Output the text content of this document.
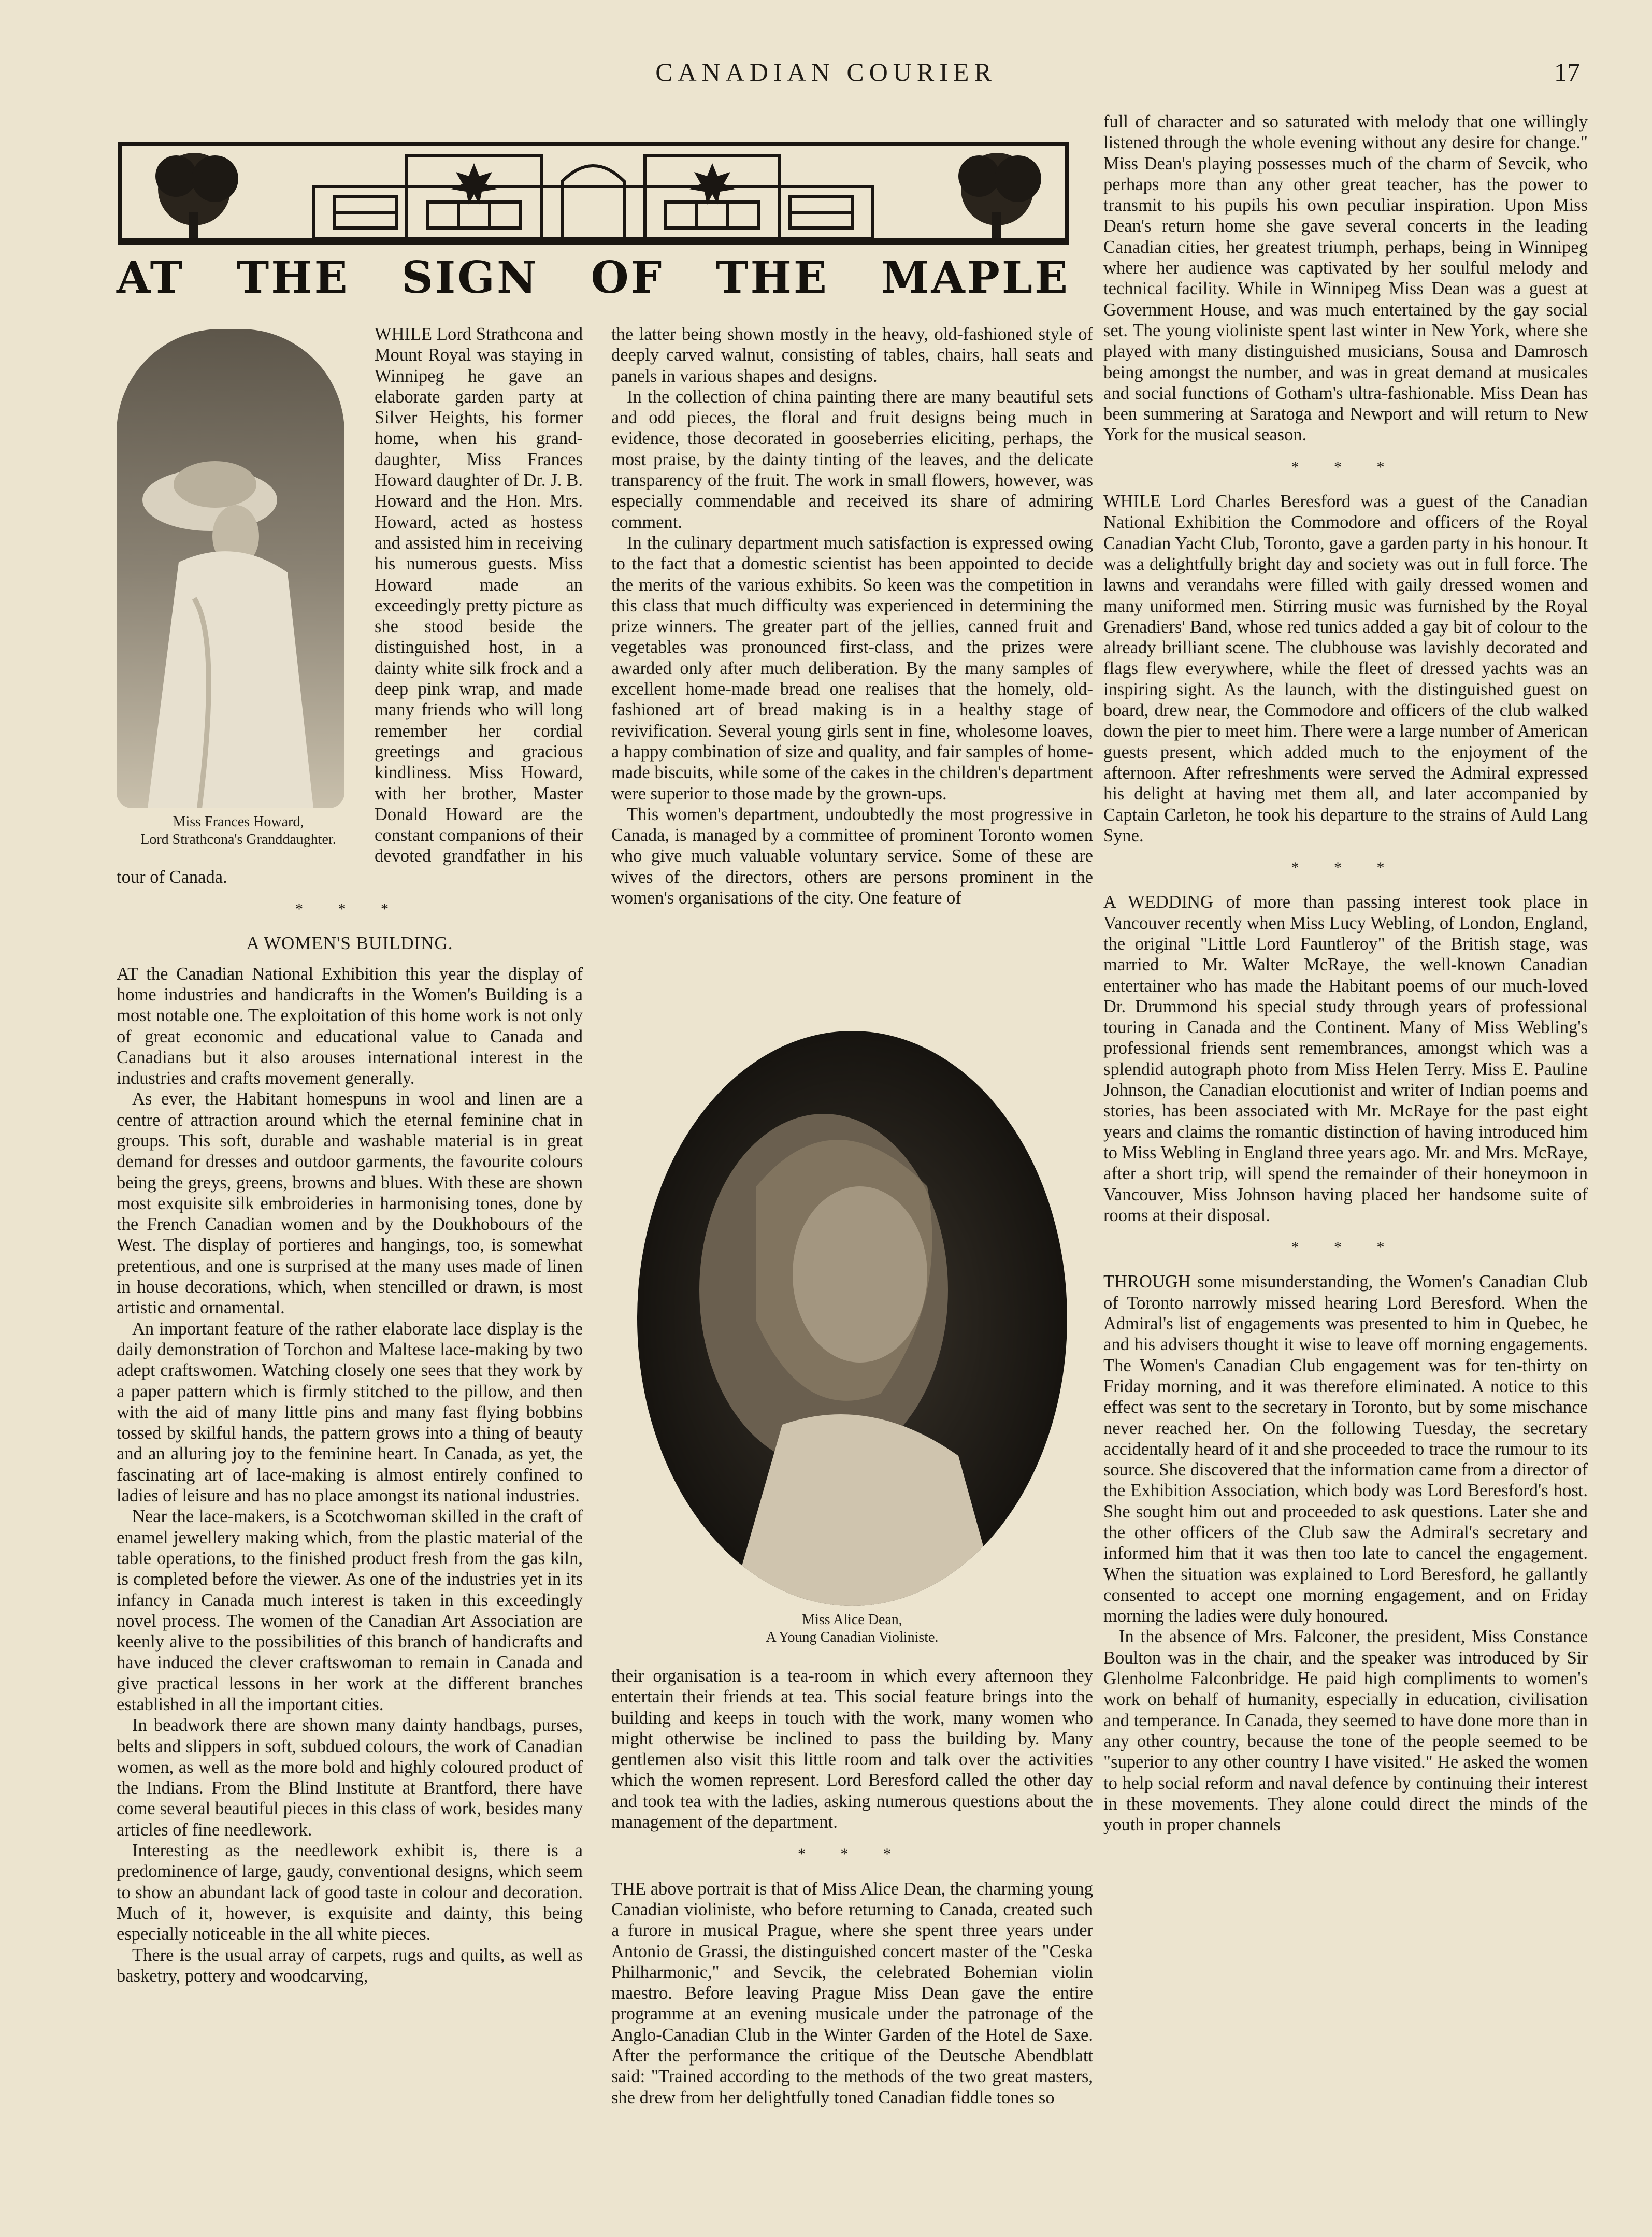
CANADIAN COURIER	17
AT THE SIGN OF THE MAPLE
Miss Frances Howard,
Lord Strathcona's Granddaughter.

WHILE Lord Strathcona and Mount Royal was staying in Winnipeg he gave an elaborate garden party at Silver Heights, his former home, when his grand-daughter, Miss Frances Howard daughter of Dr. J. B. Howard and the Hon. Mrs. Howard, acted as hostess and assisted him in receiving his numerous guests. Miss Howard made an exceedingly pretty picture as she stood beside the distinguished host, in a dainty white silk frock and a deep pink wrap, and made many friends who will long remember her cordial greetings and gracious kindliness. Miss Howard, with her brother, Master Donald Howard are the constant companions of their devoted grandfather in his tour of Canada.

* * *
A WOMEN'S BUILDING.

AT the Canadian National Exhibition this year the display of home industries and handicrafts in the Women's Building is a most notable one. The exploitation of this home work is not only of great economic and educational value to Canada and Canadians but it also arouses international interest in the industries and crafts movement generally.

As ever, the Habitant homespuns in wool and linen are a centre of attraction around which the eternal feminine chat in groups. This soft, durable and washable material is in great demand for dresses and outdoor garments, the favourite colours being the greys, greens, browns and blues. With these are shown most exquisite silk embroideries in harmonising tones, done by the French Canadian women and by the Doukhobours of the West. The display of portieres and hangings, too, is somewhat pretentious, and one is surprised at the many uses made of linen in house decorations, which, when stencilled or drawn, is most artistic and ornamental.

An important feature of the rather elaborate lace display is the daily demonstration of Torchon and Maltese lace-making by two adept craftswomen. Watching closely one sees that they work by a paper pattern which is firmly stitched to the pillow, and then with the aid of many little pins and many fast flying bobbins tossed by skilful hands, the pattern grows into a thing of beauty and an alluring joy to the feminine heart. In Canada, as yet, the fascinating art of lace-making is almost entirely confined to ladies of leisure and has no place amongst its national industries.

Near the lace-makers, is a Scotchwoman skilled in the craft of enamel jewellery making which, from the plastic material of the table operations, to the finished product fresh from the gas kiln, is completed before the viewer. As one of the industries yet in its infancy in Canada much interest is taken in this exceedingly novel process. The women of the Canadian Art Association are keenly alive to the possibilities of this branch of handicrafts and have induced the clever craftswoman to remain in Canada and give practical lessons in her work at the different branches established in all the important cities.

In beadwork there are shown many dainty handbags, purses, belts and slippers in soft, subdued colours, the work of Canadian women, as well as the more bold and highly coloured product of the Indians. From the Blind Institute at Brantford, there have come several beautiful pieces in this class of work, besides many articles of fine needlework.

Interesting as the needlework exhibit is, there is a predominence of large, gaudy, conventional designs, which seem to show an abundant lack of good taste in colour and decoration. Much of it, however, is exquisite and dainty, this being especially noticeable in the all white pieces.

There is the usual array of carpets, rugs and quilts, as well as basketry, pottery and woodcarving,

the latter being shown mostly in the heavy, old-fashioned style of deeply carved walnut, consisting of tables, chairs, hall seats and panels in various shapes and designs.

In the collection of china painting there are many beautiful sets and odd pieces, the floral and fruit designs being much in evidence, those decorated in gooseberries eliciting, perhaps, the most praise, by the dainty tinting of the leaves, and the delicate transparency of the fruit. The work in small flowers, however, was especially commendable and received its share of admiring comment.

In the culinary department much satisfaction is expressed owing to the fact that a domestic scientist has been appointed to decide the merits of the various exhibits. So keen was the competition in this class that much difficulty was experienced in determining the prize winners. The greater part of the jellies, canned fruit and vegetables was pronounced first-class, and the prizes were awarded only after much deliberation. By the many samples of excellent home-made bread one realises that the homely, old-fashioned art of bread making is in a healthy stage of revivification. Several young girls sent in fine, wholesome loaves, a happy combination of size and quality, and fair samples of home-made biscuits, while some of the cakes in the children's department were superior to those made by the grown-ups.

This women's department, undoubtedly the most progressive in Canada, is managed by a committee of prominent Toronto women who give much valuable voluntary service. Some of these are wives of the directors, others are persons prominent in the women's organisations of the city. One feature of

Miss Alice Dean,
A Young Canadian Violiniste.

their organisation is a tea-room in which every afternoon they entertain their friends at tea. This social feature brings into the building and keeps in touch with the work, many women who might otherwise be inclined to pass the building by. Many gentlemen also visit this little room and talk over the activities which the women represent. Lord Beresford called the other day and took tea with the ladies, asking numerous questions about the management of the department.

* * *

THE above portrait is that of Miss Alice Dean, the charming young Canadian violiniste, who before returning to Canada, created such a furore in musical Prague, where she spent three years under Antonio de Grassi, the distinguished concert master of the "Ceska Philharmonic," and Sevcik, the celebrated Bohemian violin maestro. Before leaving Prague Miss Dean gave the entire programme at an evening musicale under the patronage of the Anglo-Canadian Club in the Winter Garden of the Hotel de Saxe. After the performance the critique of the Deutsche Abendblatt said: "Trained according to the methods of the two great masters, she drew from her delightfully toned Canadian fiddle tones so

full of character and so saturated with melody that one willingly listened through the whole evening without any desire for change." Miss Dean's playing possesses much of the charm of Sevcik, who perhaps more than any other great teacher, has the power to transmit to his pupils his own peculiar inspiration. Upon Miss Dean's return home she gave several concerts in the leading Canadian cities, her greatest triumph, perhaps, being in Winnipeg where her audience was captivated by her soulful melody and technical facility. While in Winnipeg Miss Dean was a guest at Government House, and was much entertained by the gay social set. The young violiniste spent last winter in New York, where she played with many distinguished musicians, Sousa and Damrosch being amongst the number, and was in great demand at musicales and social functions of Gotham's ultra-fashionable. Miss Dean has been summering at Saratoga and Newport and will return to New York for the musical season.

* * *

WHILE Lord Charles Beresford was a guest of the Canadian National Exhibition the Commodore and officers of the Royal Canadian Yacht Club, Toronto, gave a garden party in his honour. It was a delightfully bright day and society was out in full force. The lawns and verandahs were filled with gaily dressed women and many uniformed men. Stirring music was furnished by the Royal Grenadiers' Band, whose red tunics added a gay bit of colour to the already brilliant scene. The clubhouse was lavishly decorated and flags flew everywhere, while the fleet of dressed yachts was an inspiring sight. As the launch, with the distinguished guest on board, drew near, the Commodore and officers of the club walked down the pier to meet him. There were a large number of American guests present, which added much to the enjoyment of the afternoon. After refreshments were served the Admiral expressed his delight at having met them all, and later accompanied by Captain Carleton, he took his departure to the strains of Auld Lang Syne.

* * *

A WEDDING of more than passing interest took place in Vancouver recently when Miss Lucy Webling, of London, England, the original "Little Lord Fauntleroy" of the British stage, was married to Mr. Walter McRaye, the well-known Canadian entertainer who has made the Habitant poems of our much-loved Dr. Drummond his special study through years of professional touring in Canada and the Continent. Many of Miss Webling's professional friends sent remembrances, amongst which was a splendid autograph photo from Miss Helen Terry. Miss E. Pauline Johnson, the Canadian elocutionist and writer of Indian poems and stories, has been associated with Mr. McRaye for the past eight years and claims the romantic distinction of having introduced him to Miss Webling in England three years ago. Mr. and Mrs. McRaye, after a short trip, will spend the remainder of their honeymoon in Vancouver, Miss Johnson having placed her handsome suite of rooms at their disposal.

* * *

THROUGH some misunderstanding, the Women's Canadian Club of Toronto narrowly missed hearing Lord Beresford. When the Admiral's list of engagements was presented to him in Quebec, he and his advisers thought it wise to leave off morning engagements. The Women's Canadian Club engagement was for ten-thirty on Friday morning, and it was therefore eliminated. A notice to this effect was sent to the secretary in Toronto, but by some mischance never reached her. On the following Tuesday, the secretary accidentally heard of it and she proceeded to trace the rumour to its source. She discovered that the information came from a director of the Exhibition Association, which body was Lord Beresford's host. She sought him out and proceeded to ask questions. Later she and the other officers of the Club saw the Admiral's secretary and informed him that it was then too late to cancel the engagement. When the situation was explained to Lord Beresford, he gallantly consented to accept one morning engagement, and on Friday morning the ladies were duly honoured.

In the absence of Mrs. Falconer, the president, Miss Constance Boulton was in the chair, and the speaker was introduced by Sir Glenholme Falconbridge. He paid high compliments to women's work on behalf of humanity, especially in education, civilisation and temperance. In Canada, they seemed to have done more than in any other country, because the tone of the people seemed to be "superior to any other country I have visited." He asked the women to help social reform and naval defence by continuing their interest in these movements. They alone could direct the minds of the youth in proper channels
